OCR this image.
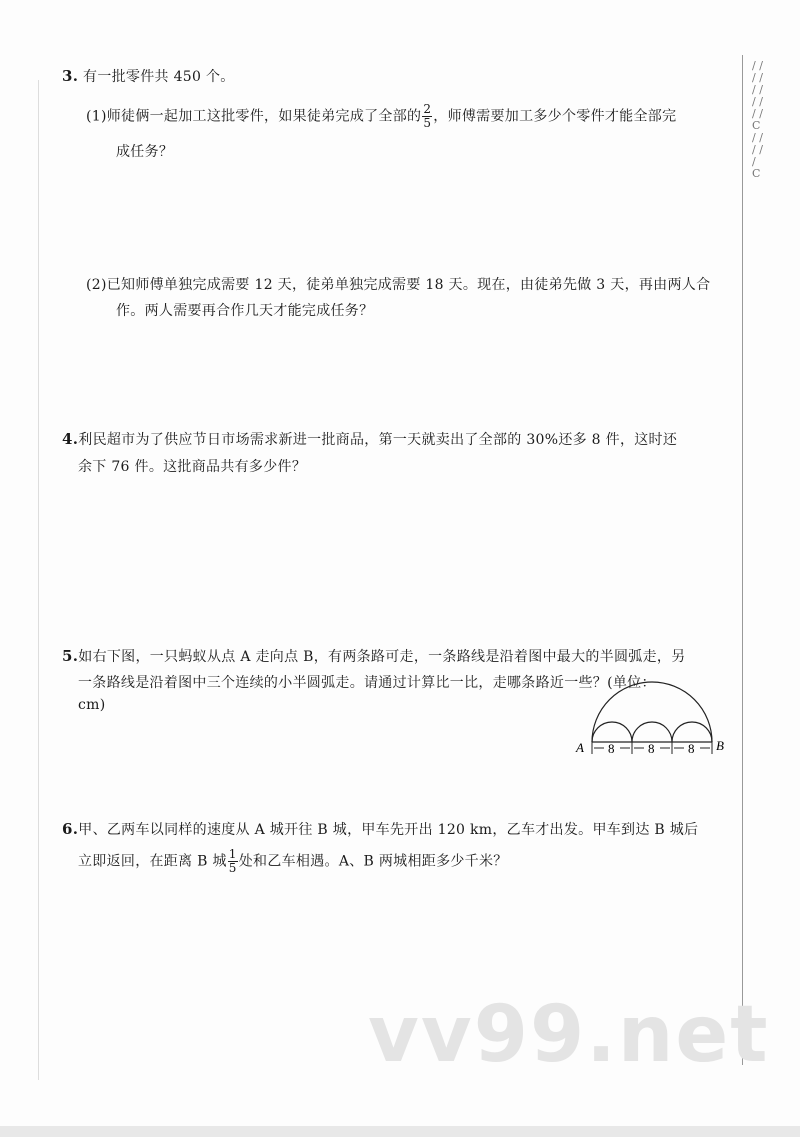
3. 有一批零件共 450 个。
(1)师徒俩一起加工这批零件，如果徒弟完成了全部的 $\frac{2}{5}$ ，师傅需要加工多少个零件才能全部完
成任务？
(2)已知师傅单独完成需要 12 天，徒弟单独完成需要 18 天。现在，由徒弟先做 3 天，再由两人合
作。两人需要再合作几天才能完成任务？
4.利民超市为了供应节日市场需求新进一批商品，第一天就卖出了全部的 30%还多 8 件，这时还
余下 76 件。这批商品共有多少件？
5.如右下图，一只蚂蚁从点 A 走向点 B，有两条路可走，一条路线是沿着图中最大的半圆弧走，另
一条路线是沿着图中三个连续的小半圆弧走。请通过计算比一比，走哪条路近一些？(单位：
cm)
A	B
8	8	8
6.甲、乙两车以同样的速度从 A 城开往 B 城，甲车先开出 120 km，乙车才出发。甲车到达 B 城后
立即返回，在距离 B 城 $\frac{1}{5}$ 处和乙车相遇。A、B 两城相距多少千米？
/ / / / / / / / / / C / / / / / C
vv99.net
